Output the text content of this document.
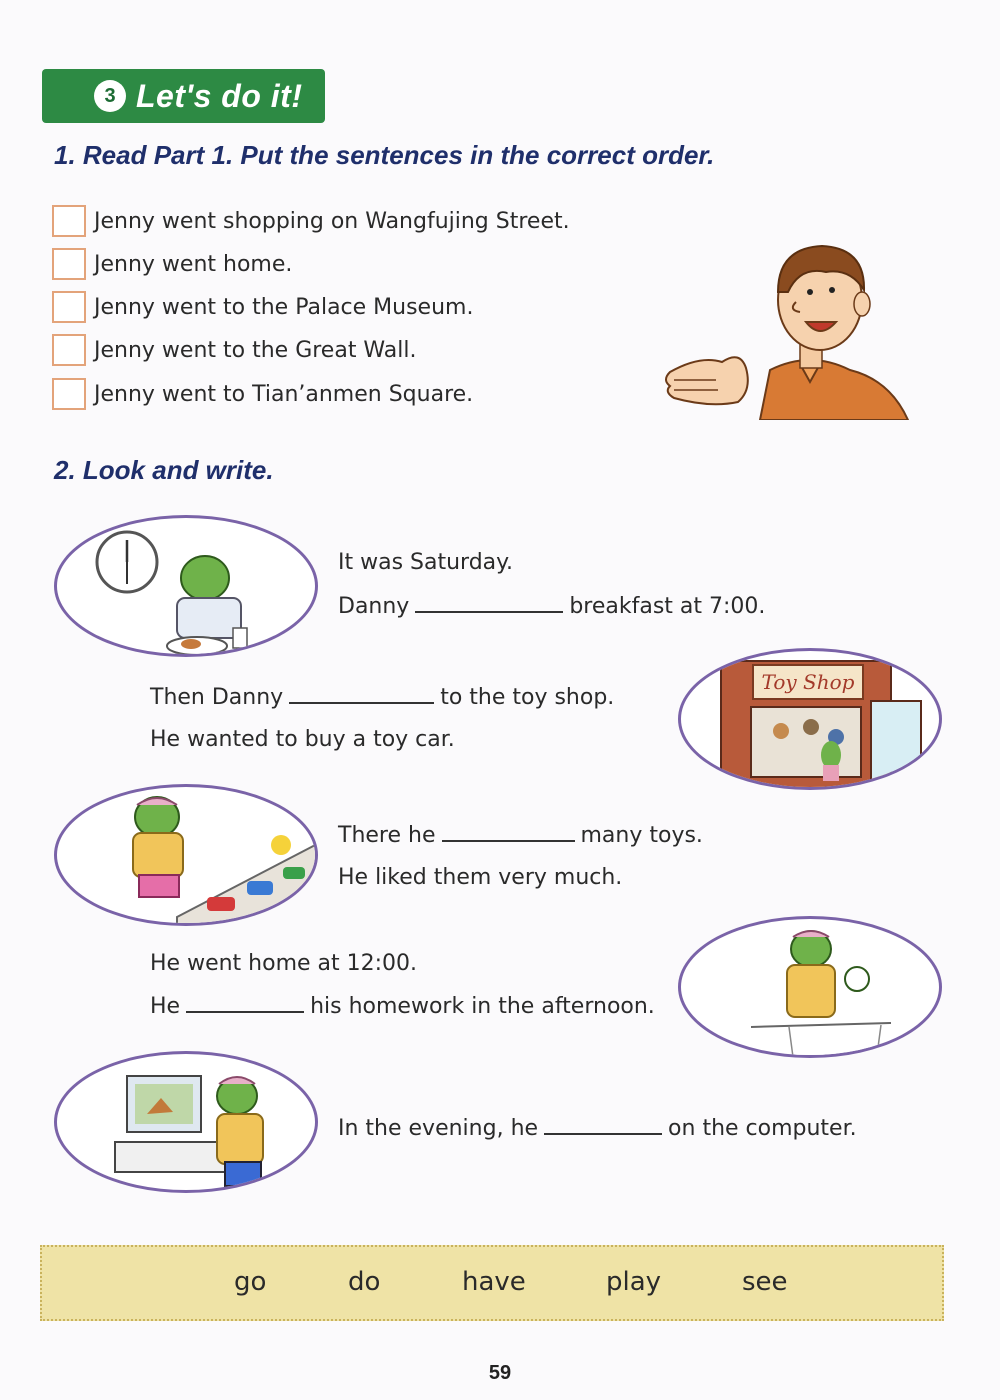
3 Let's do it!
1. Read Part 1. Put the sentences in the correct order.
Jenny went shopping on Wangfujing Street.
Jenny went home.
Jenny went to the Palace Museum.
Jenny went to the Great Wall.
Jenny went to Tian’anmen Square.
2. Look and write.
It was Saturday.
Danny	breakfast at 7:00.
Then Danny	to the toy shop.
He wanted to buy a toy car.
Toy Shop
There he	many toys.
He liked them very much.
He went home at 12:00.
He	his homework in the afternoon.
In the evening, he	on the computer.
go	do	have	play	see
59
